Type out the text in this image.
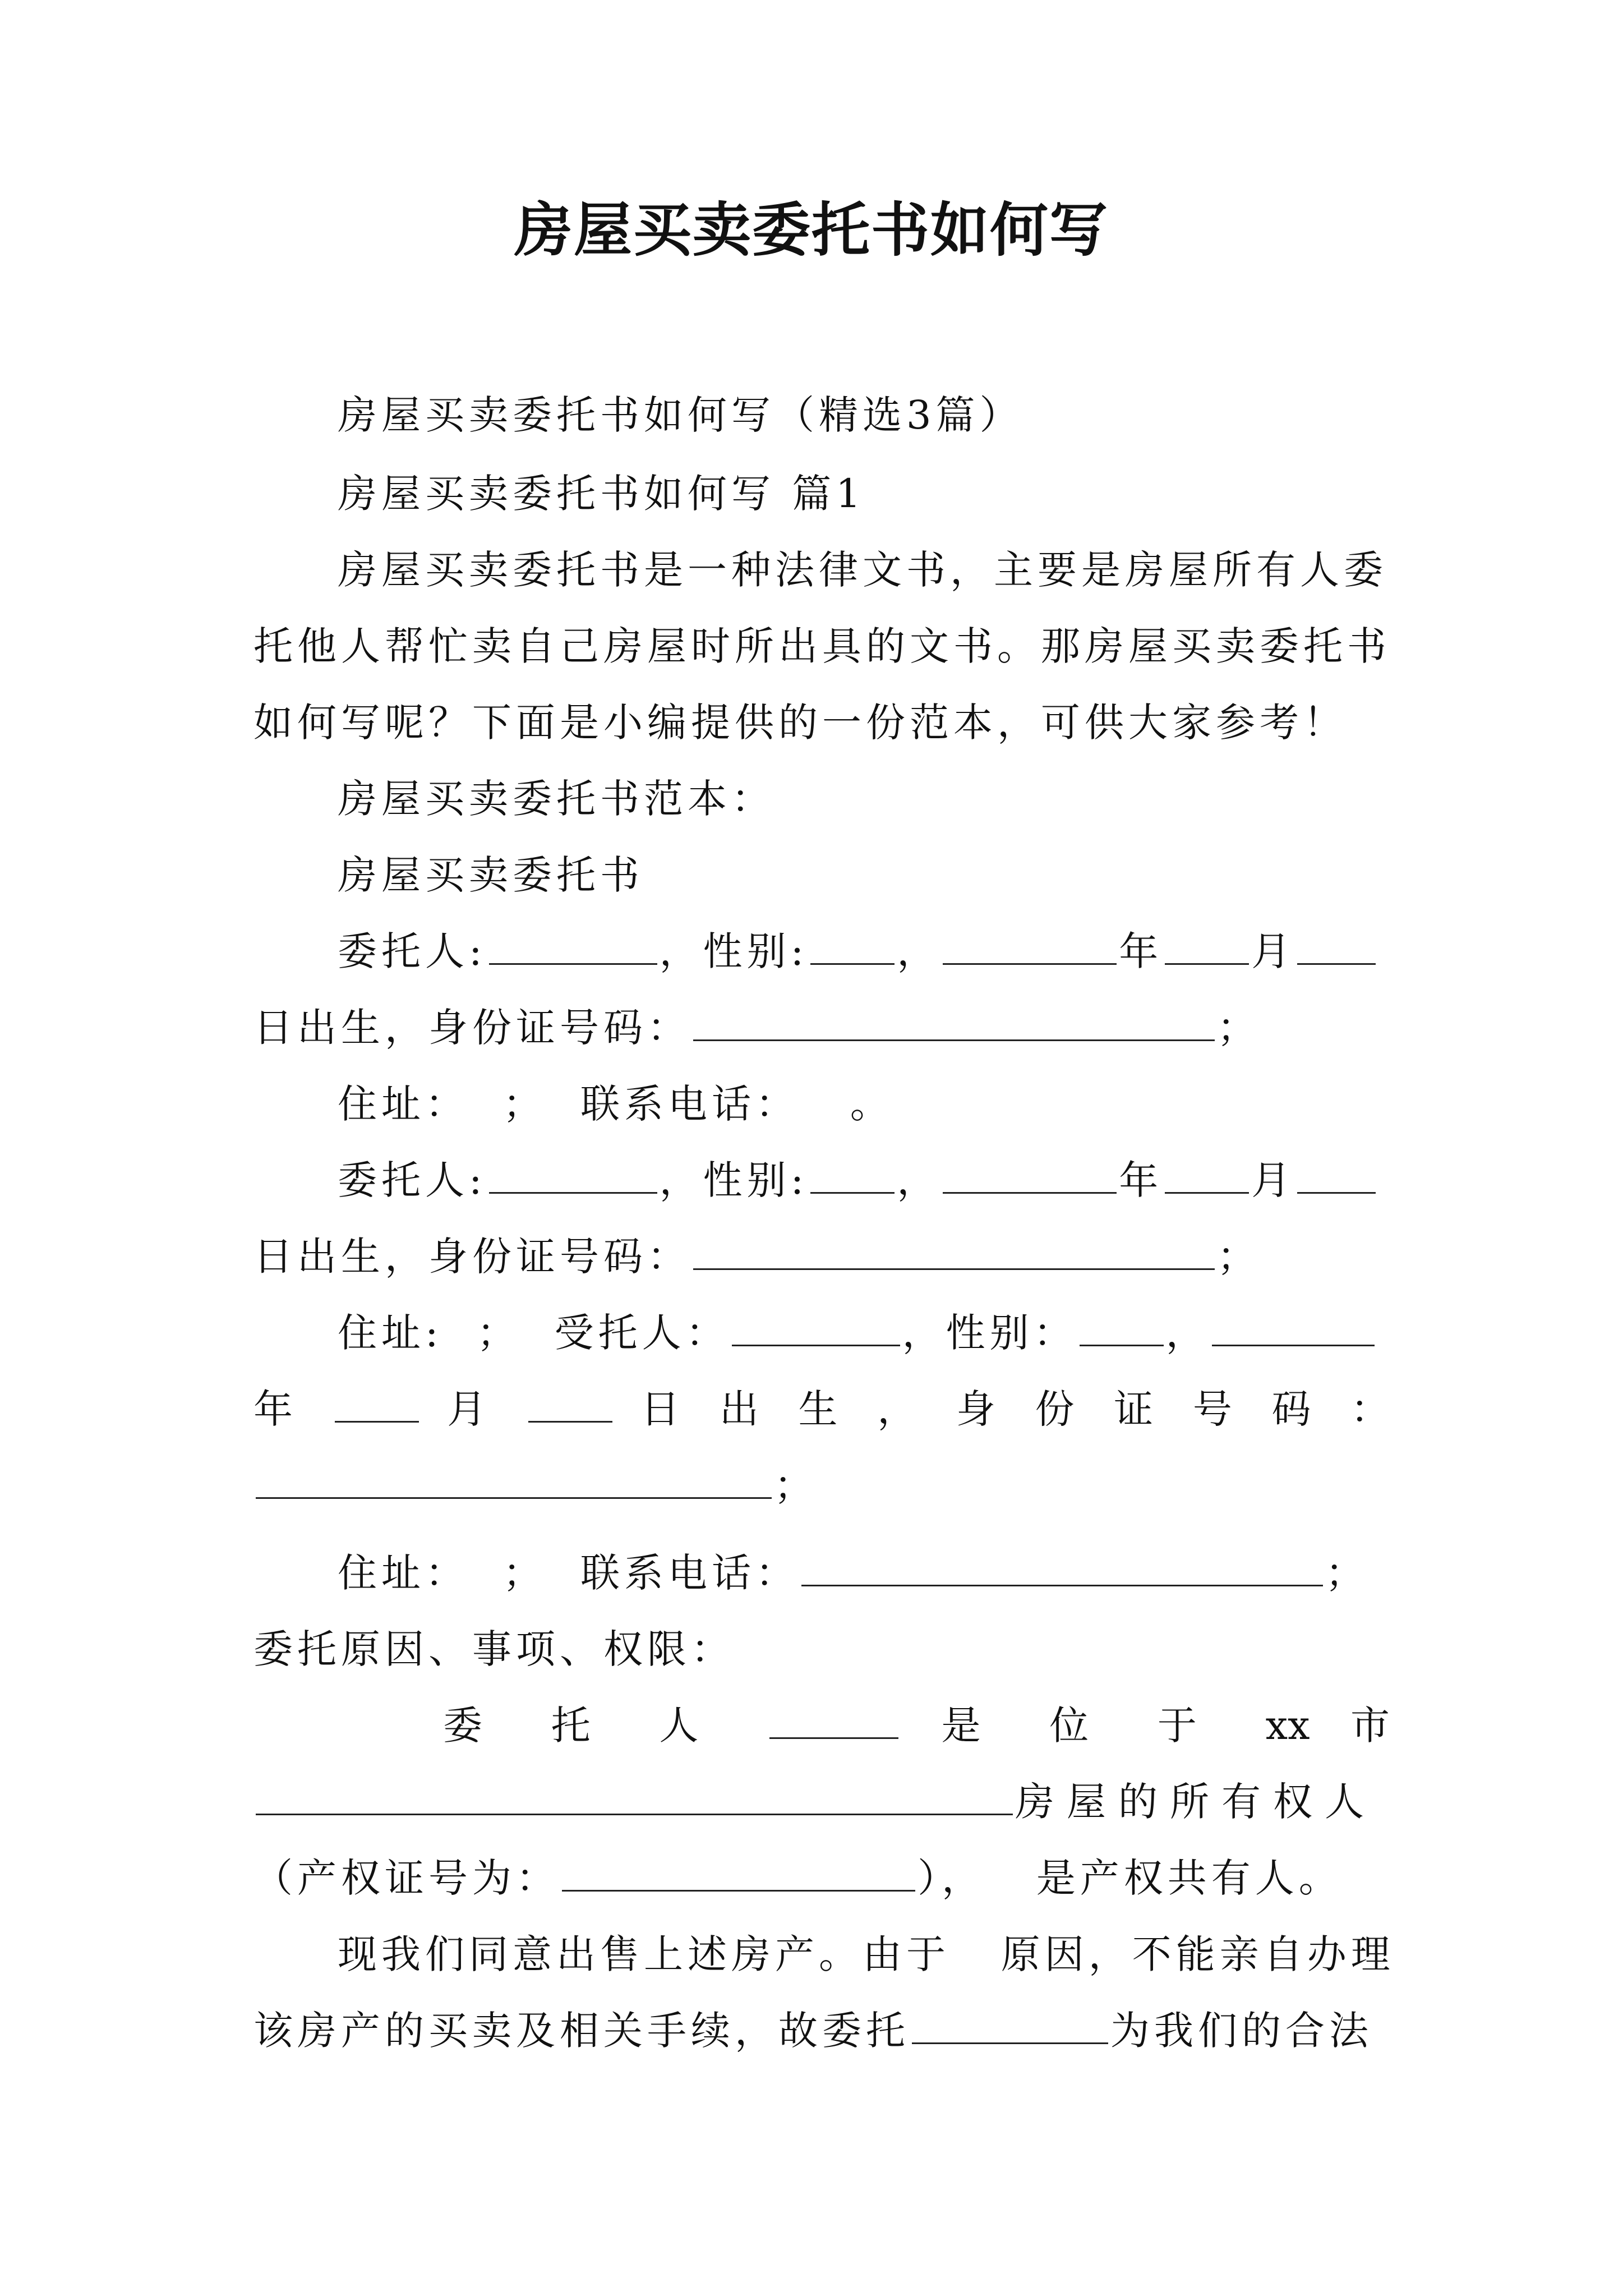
房屋买卖委托书如何写
房屋买卖委托书如何写（精选3篇）
房屋买卖委托书如何写 篇1
房屋买卖委托书是一种法律文书，主要是房屋所有人委
托他人帮忙卖自己房屋时所出具的文书。那房屋买卖委托书
如何写呢？下面是小编提供的一份范本，可供大家参考！
房屋买卖委托书范本：
房屋买卖委托书
委托人:	，性别: ，	年 月
日出生，身份证号码：	；
住址： ； 联系电话： 。
委托人:	，性别: ，	年 月
日出生，身份证号码：	；
住址: ； 受托人：	，性别： ，
年	月	日 出 生 ， 身 份 证 号 码 ：
；
住址： ； 联系电话：	；
委托原因、事项、权限：
委 托 人	是 位 于 xx 市
房屋的所有权人
（产权证号为：	）， 是产权共有人。
现我们同意出售上述房产。由于   原因，不能亲自办理
该房产的买卖及相关手续，故委托	为我们的合法
